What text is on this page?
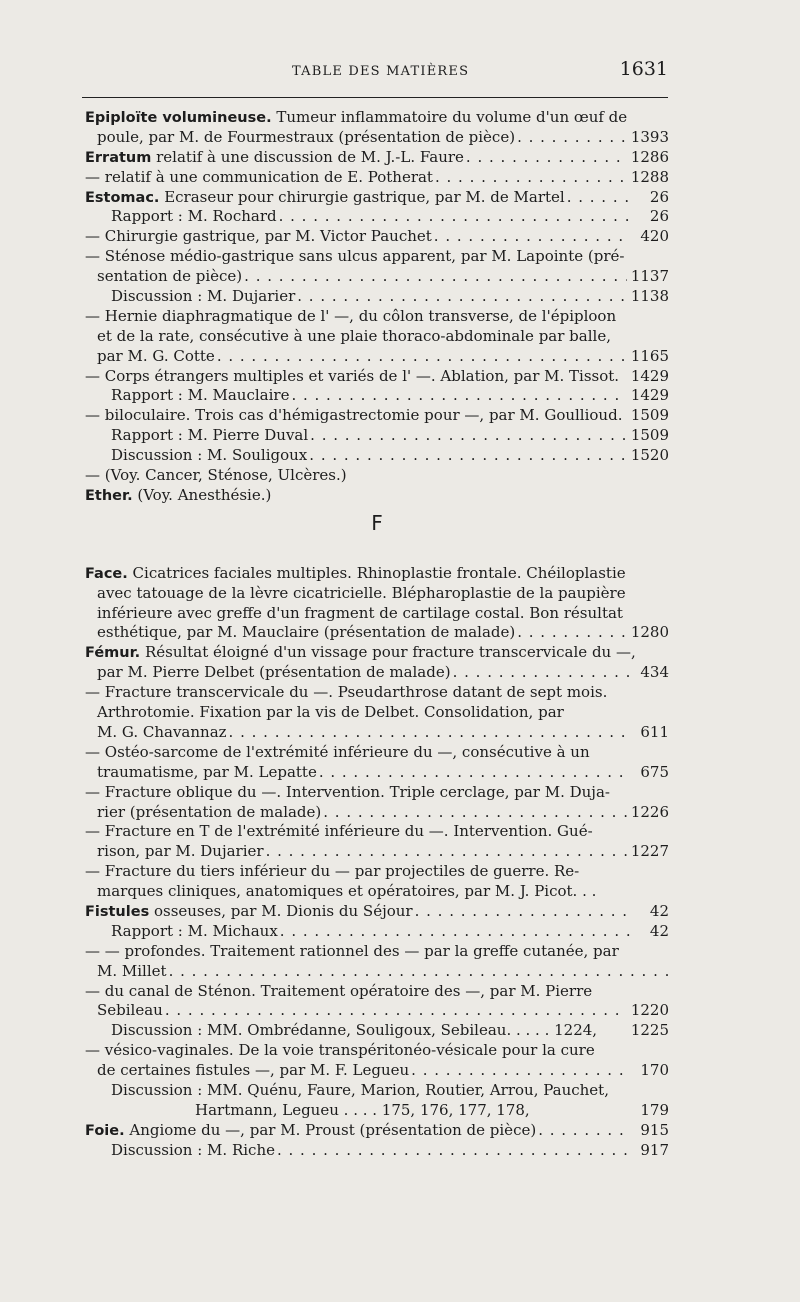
TABLE DES MATIÈRES	1631
Epiploïte volumineuse. Tumeur inflammatoire du volume d'un œuf de
poule, par M. de Fourmestraux (présentation de pièce) . . .	1393
Erratum relatif à une discussion de M. J.-L. Faure . . .	1286
— relatif à une communication de E. Potherat . . .	1288
Estomac. Ecraseur pour chirurgie gastrique, par M. de Martel . . .	26
Rapport : M. Rochard . . .	26
— Chirurgie gastrique, par M. Victor Pauchet . . .	420
— Sténose médio-gastrique sans ulcus apparent, par M. Lapointe (pré-
sentation de pièce) . . .	1137
Discussion : M. Dujarier . . .	1138
— Hernie diaphragmatique de l' —, du côlon transverse, de l'épiploon
et de la rate, consécutive à une plaie thoraco-abdominale par balle,
par M. G. Cotte . . .	1165
— Corps étrangers multiples et variés de l' —. Ablation, par M. Tissot. 1429
Rapport : M. Mauclaire . . .	1429
— biloculaire. Trois cas d'hémigastrectomie pour —, par M. Goullioud. 1509
Rapport : M. Pierre Duval . . .	1509
Discussion : M. Souligoux . . .	1520
— (Voy. Cancer, Sténose, Ulcères.)
Ether. (Voy. Anesthésie.)
F
Face. Cicatrices faciales multiples. Rhinoplastie frontale. Chéiloplastie
avec tatouage de la lèvre cicatricielle. Blépharoplastie de la paupière
inférieure avec greffe d'un fragment de cartilage costal. Bon résultat
esthétique, par M. Mauclaire (présentation de malade) . . .	1280
Fémur. Résultat éloigné d'un vissage pour fracture transcervicale du —,
par M. Pierre Delbet (présentation de malade) . . .	434
— Fracture transcervicale du —. Pseudarthrose datant de sept mois.
Arthrotomie. Fixation par la vis de Delbet. Consolidation, par
M. G. Chavannaz . . .	611
— Ostéo-sarcome de l'extrémité inférieure du —, consécutive à un
traumatisme, par M. Lepatte . . .	675
— Fracture oblique du —. Intervention. Triple cerclage, par M. Duja-
rier (présentation de malade) . . .	1226
— Fracture en T de l'extrémité inférieure du —. Intervention. Gué-
rison, par M. Dujarier . . .	1227
— Fracture du tiers inférieur du — par projectiles de guerre. Re-
marques cliniques, anatomiques et opératoires, par M. J. Picot. . .
Fistules osseuses, par M. Dionis du Séjour . . .	42
Rapport : M. Michaux . . .	42
— — profondes. Traitement rationnel des — par la greffe cutanée, par
M. Millet
. . .
— du canal de Sténon. Traitement opératoire des —, par M. Pierre
Sebileau . . .	1220
Discussion : MM. Ombrédanne, Souligoux, Sebileau. . . . . 1224, 1225
— vésico-vaginales. De la voie transpéritonéo-vésicale pour la cure
de certaines fistules —, par M. F. Legueu . . .	170
Discussion : MM. Quénu, Faure, Marion, Routier, Arrou, Pauchet,
Hartmann, Legueu . . . . 175, 176, 177, 178,	179
Foie. Angiome du —, par M. Proust (présentation de pièce) . . .	915
Discussion : M. Riche . . .	917
